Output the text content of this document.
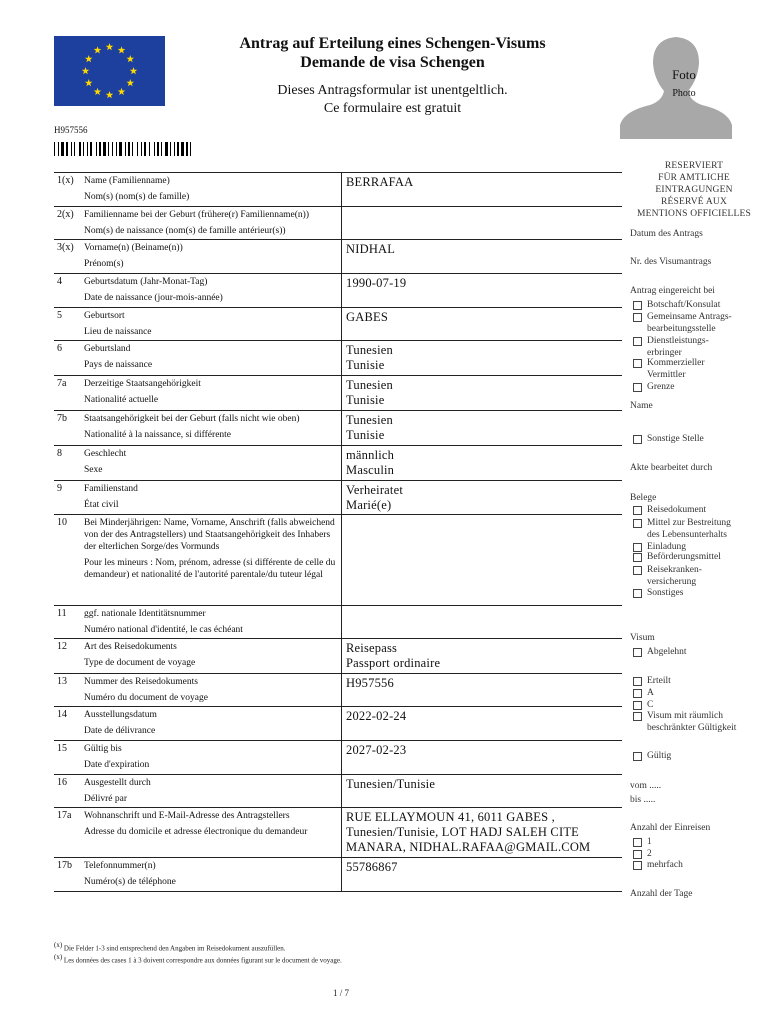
Antrag auf Erteilung eines Schengen-Visums
Demande de visa Schengen
Dieses Antragsformular ist unentgeltlich.
Ce formulaire est gratuit
Foto
Photo
H957556
1(x) Name (Familienname)
Nom(s) (nom(s) de famille)
BERRAFAA
2(x) Familienname bei der Geburt (frühere(r) Familienname(n))
Nom(s) de naissance (nom(s) de famille antérieur(s))
3(x) Vorname(n) (Beiname(n))
Prénom(s)
NIDHAL
4 Geburtsdatum (Jahr-Monat-Tag)
Date de naissance (jour-mois-année)
1990-07-19
5 Geburtsort
Lieu de naissance
GABES
6 Geburtsland
Pays de naissance
Tunesien
Tunisie
7a Derzeitige Staatsangehörigkeit
Nationalité actuelle
Tunesien
Tunisie
7b Staatsangehörigkeit bei der Geburt (falls nicht wie oben)
Nationalité à la naissance, si différente
Tunesien
Tunisie
8 Geschlecht
Sexe
männlich
Masculin
9 Familienstand
État civil
Verheiratet
Marié(e)
10 Bei Minderjährigen: Name, Vorname, Anschrift (falls abweichend von der des Antragstellers) und Staatsangehörigkeit des Inhabers der elterlichen Sorge/des Vormunds
Pour les mineurs : Nom, prénom, adresse (si différente de celle du demandeur) et nationalité de l'autorité parentale/du tuteur légal
11 ggf. nationale Identitätsnummer
Numéro national d'identité, le cas échéant
12 Art des Reisedokuments
Type de document de voyage
Reisepass
Passport ordinaire
13 Nummer des Reisedokuments
Numéro du document de voyage
H957556
14 Ausstellungsdatum
Date de délivrance
2022-02-24
15 Gültig bis
Date d'expiration
2027-02-23
16 Ausgestellt durch
Délivré par
Tunesien/Tunisie
17a Wohnanschrift und E-Mail-Adresse des Antragstellers
Adresse du domicile et adresse électronique du demandeur
RUE ELLAYMOUN 41, 6011 GABES ,
Tunesien/Tunisie, LOT HADJ SALEH CITE
MANARA, NIDHAL.RAFAA@GMAIL.COM
17b Telefonnummer(n)
Numéro(s) de téléphone
55786867
RESERVIERT
FÜR AMTLICHE
EINTRAGUNGEN
RÉSERVÉ AUX
MENTIONS OFFICIELLES
Datum des Antrags
Nr. des Visumantrags
Antrag eingereicht bei
Botschaft/Konsulat
Gemeinsame Antrags-
bearbeitungsstelle
Dienstleistungs-
erbringer
Kommerzieller
Vermittler
Grenze
Name
Sonstige Stelle
Akte bearbeitet durch
Belege
Reisedokument
Mittel zur Bestreitung
des Lebensunterhalts
Einladung
Beförderungsmittel
Reisekranken-
versicherung
Sonstiges
Visum
Abgelehnt
Erteilt
A
C
Visum mit räumlich
beschränkter Gültigkeit
Gültig
vom .....
bis .....
Anzahl der Einreisen
1
2
mehrfach
Anzahl der Tage
(x) Die Felder 1-3 sind entsprechend den Angaben im Reisedokument auszufüllen.
(x) Les données des cases 1 à 3 doivent correspondre aux données figurant sur le document de voyage.
1 / 7
